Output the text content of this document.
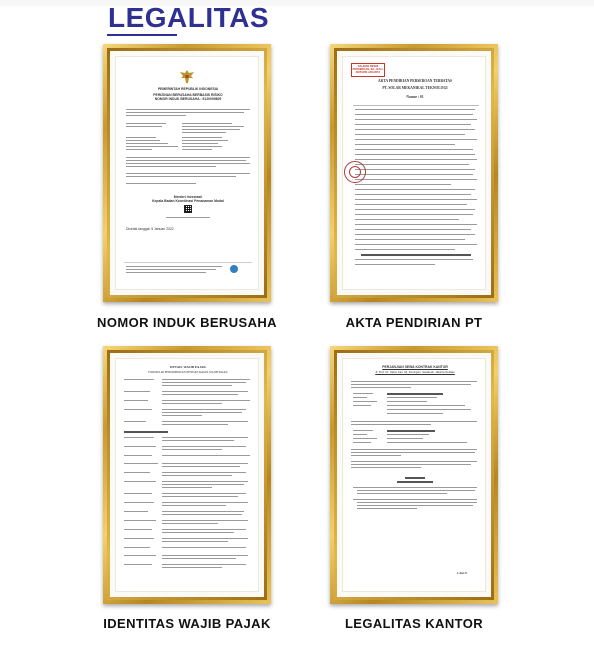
LEGALITAS
PEMERINTAH REPUBLIK INDONESIA
PERIZINAN BERUSAHA BERBASIS RISIKO
NOMOR INDUK BERUSAHA : 9120009805
Menteri Investasi/
Kepala Badan Koordinasi Penanaman Modal
Dicetak tanggal: 5 Januari 2022
NOMOR INDUK BERUSAHA
SALINAN RESMI
PERSEROAN, SH., M.Kn.
NOTARIS JAKARTA
AKTA PENDIRIAN PERSEROAN TERBATAS
PT. SOLAR MEKANIKAL TEKNOLOGI
Nomor : 01
AKTA PENDIRIAN PT
DETAIL WAJIB PAJAK
FORMULIR PERMOHONAN PENDAFTARAN WAJIB PAJAK
IDENTITAS WAJIB PAJAK
PERJANJIAN SEWA KONTRAK KANTOR
Jl. Prof. Dr. Satrio Kav. 18, Kuningan, Setiabudi, Jakarta Selatan
1 dari 6
LEGALITAS KANTOR
